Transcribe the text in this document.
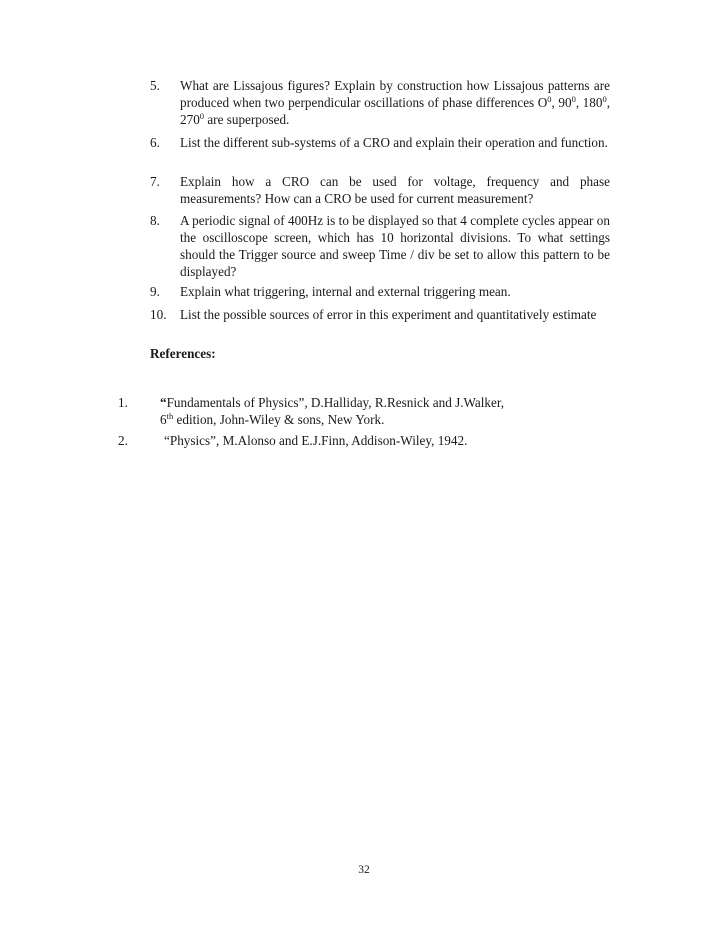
5. What are Lissajous figures? Explain by construction how Lissajous patterns are produced when two perpendicular oscillations of phase differences $O^0$, $90^0$, $180^0$, $270^0$ are superposed.
6. List the different sub-systems of a CRO and explain their operation and function.
7. Explain how a CRO can be used for voltage, frequency and phase measurements? How can a CRO be used for current measurement?
8. A periodic signal of 400Hz is to be displayed so that 4 complete cycles appear on the oscilloscope screen, which has 10 horizontal divisions. To what settings should the Trigger source and sweep Time / div be set to allow this pattern to be displayed?
9. Explain what triggering, internal and external triggering mean.
10. List the possible sources of error in this experiment and quantitatively estimate
References:
1. “Fundamentals of Physics”, D.Halliday, R.Resnick and J.Walker,
6th edition, John-Wiley & sons, New York.
2.	“Physics”, M.Alonso and E.J.Finn, Addison-Wiley, 1942.
32
